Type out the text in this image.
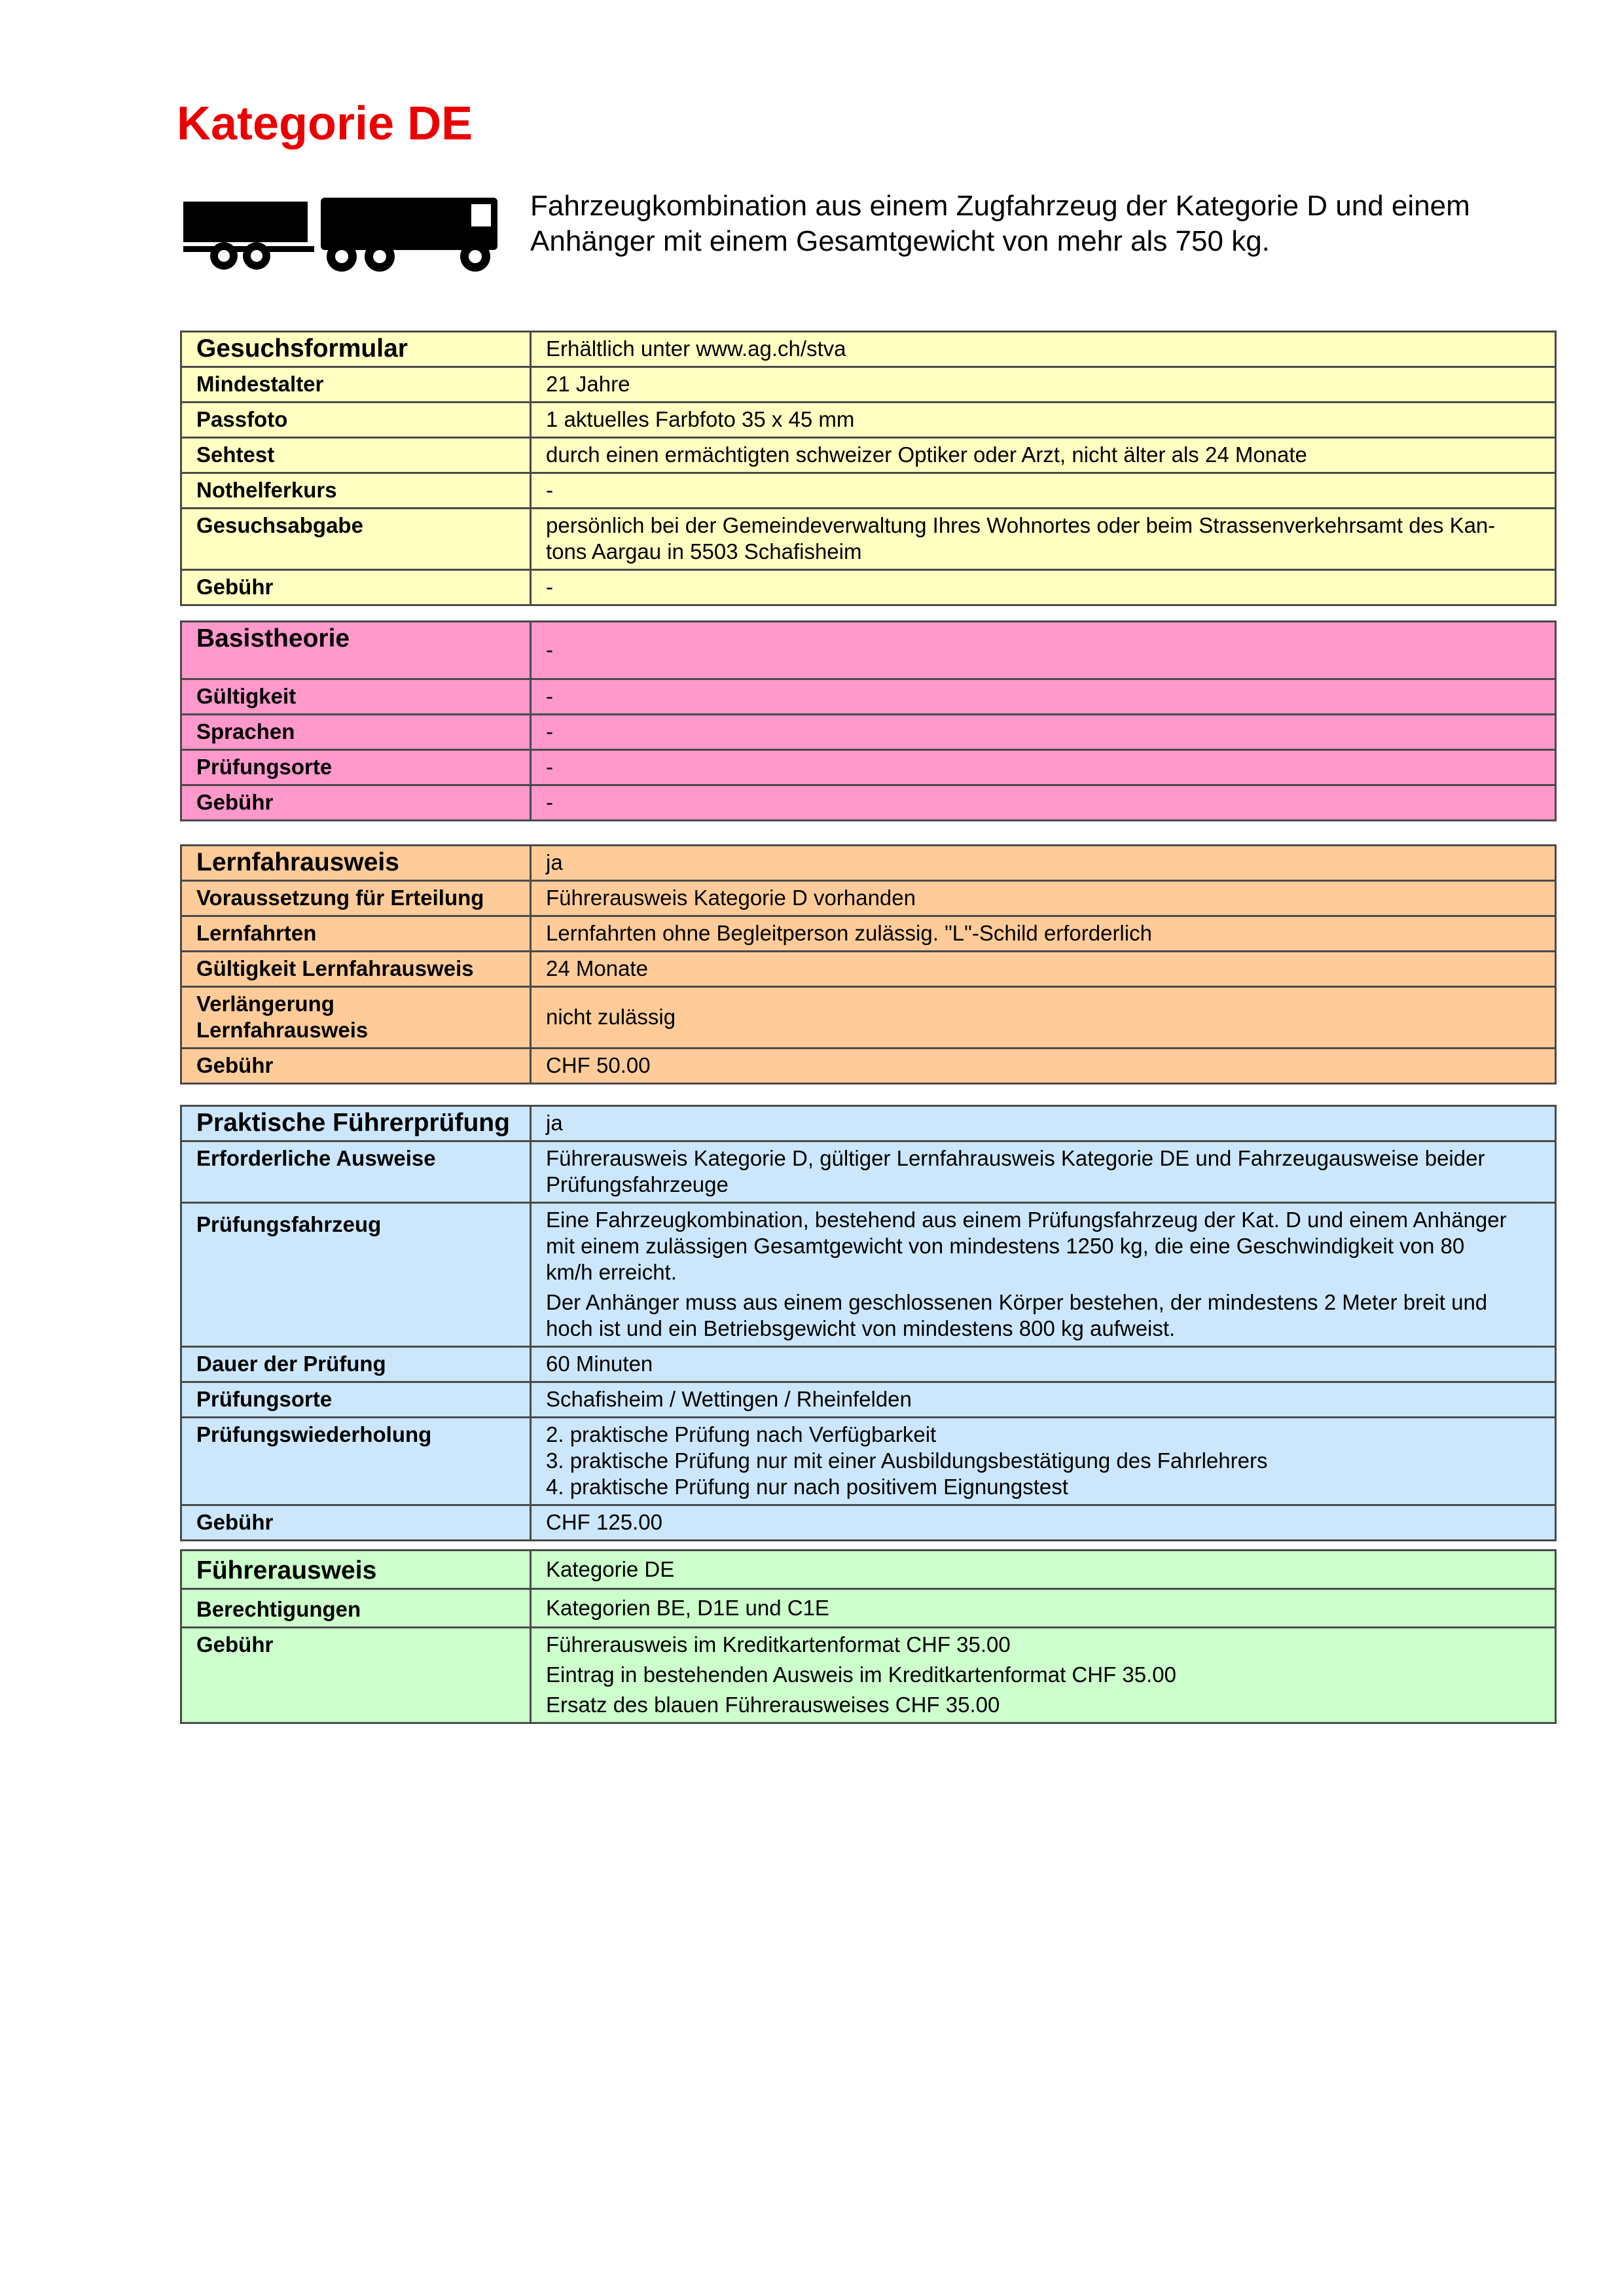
Kategorie DE
Fahrzeugkombination aus einem Zugfahrzeug der Kategorie D und einem Anhänger mit einem Gesamtgewicht von mehr als 750 kg.
Gesuchsformular	Erhältlich unter www.ag.ch/stva
Mindestalter	21 Jahre
Passfoto	1 aktuelles Farbfoto 35 x 45 mm
Sehtest	durch einen ermächtigten schweizer Optiker oder Arzt, nicht älter als 24 Monate
Nothelferkurs	-
Gesuchsabgabe	persönlich bei der Gemeindeverwaltung Ihres Wohnortes oder beim Strassenverkehrsamt des Kan-
tons Aargau in 5503 Schafisheim

Gebühr	-
Basistheorie	-
Gültigkeit	-
Sprachen	-
Prüfungsorte	-
Gebühr	-
Lernfahrausweis	ja
Voraussetzung für Erteilung	Führerausweis Kategorie D vorhanden
Lernfahrten	Lernfahrten ohne Begleitperson zulässig. "L"-Schild erforderlich
Gültigkeit Lernfahrausweis	24 Monate

Verlängerung
Lernfahrausweis	nicht zulässig
Gebühr	CHF 50.00
Praktische Führerprüfung	ja
Erforderliche Ausweise	Führerausweis Kategorie D, gültiger Lernfahrausweis Kategorie DE und Fahrzeugausweise beider
Prüfungsfahrzeuge

Prüfungsfahrzeug	Eine Fahrzeugkombination, bestehend aus einem Prüfungsfahrzeug der Kat. D und einem Anhänger
mit einem zulässigen Gesamtgewicht von mindestens 1250 kg, die eine Geschwindigkeit von 80
km/h erreicht.
Der Anhänger muss aus einem geschlossenen Körper bestehen, der mindestens 2 Meter breit und
hoch ist und ein Betriebsgewicht von mindestens 800 kg aufweist.

Dauer der Prüfung	60 Minuten
Prüfungsorte	Schafisheim / Wettingen / Rheinfelden
Prüfungswiederholung	2. praktische Prüfung nach Verfügbarkeit
3. praktische Prüfung nur mit einer Ausbildungsbestätigung des Fahrlehrers
4. praktische Prüfung nur nach positivem Eignungstest

Gebühr	CHF 125.00
Führerausweis	Kategorie DE
Berechtigungen	Kategorien BE, D1E und C1E
Gebühr	Führerausweis im Kreditkartenformat CHF 35.00
Eintrag in bestehenden Ausweis im Kreditkartenformat CHF 35.00
Ersatz des blauen Führerausweises CHF 35.00
